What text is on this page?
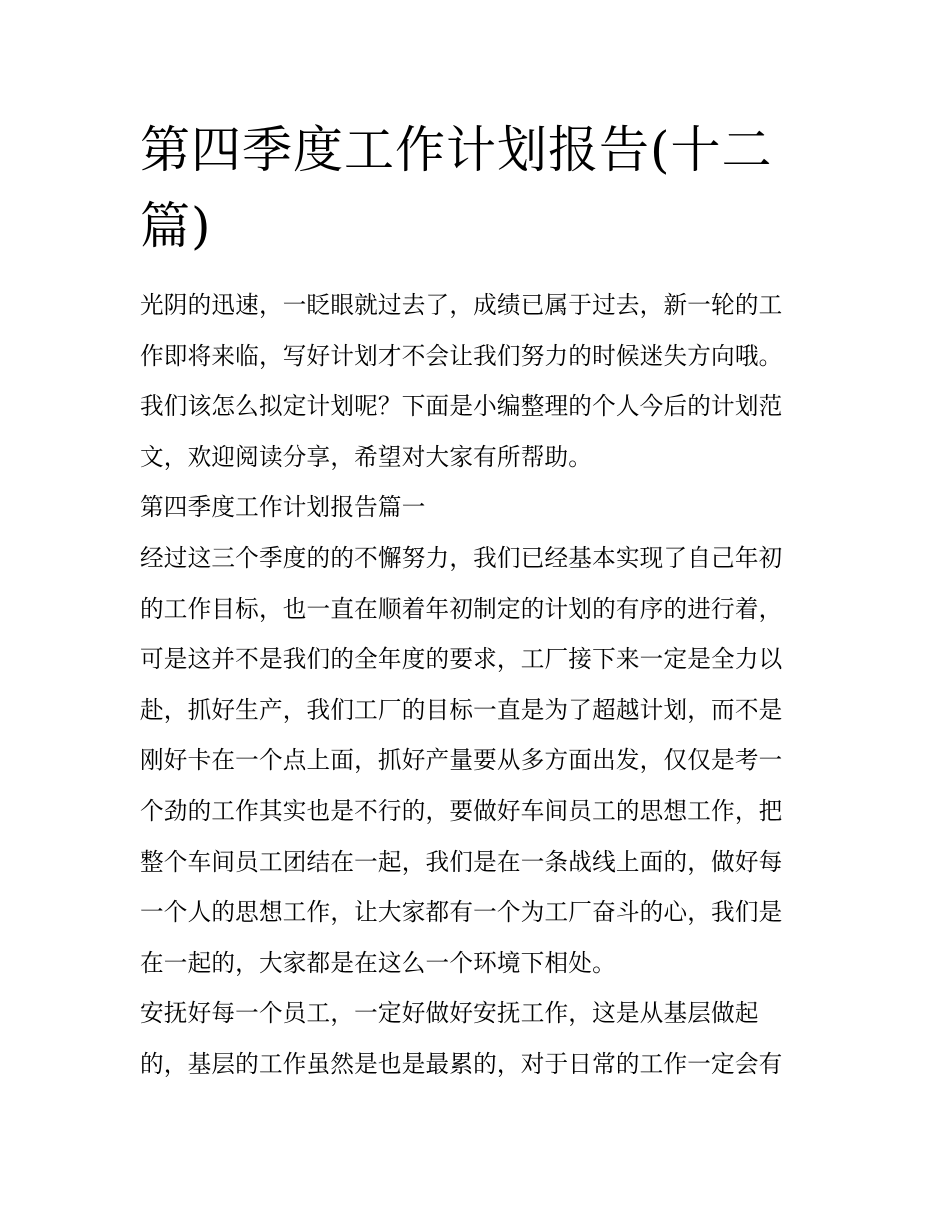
第四季度工作计划报告(十二
篇)
光阴的迅速，一眨眼就过去了，成绩已属于过去，新一轮的工
作即将来临，写好计划才不会让我们努力的时候迷失方向哦。
我们该怎么拟定计划呢？下面是小编整理的个人今后的计划范
文，欢迎阅读分享，希望对大家有所帮助。
第四季度工作计划报告篇一
经过这三个季度的的不懈努力，我们已经基本实现了自己年初
的工作目标，也一直在顺着年初制定的计划的有序的进行着，
可是这并不是我们的全年度的要求，工厂接下来一定是全力以
赴，抓好生产，我们工厂的目标一直是为了超越计划，而不是
刚好卡在一个点上面，抓好产量要从多方面出发，仅仅是考一
个劲的工作其实也是不行的，要做好车间员工的思想工作，把
整个车间员工团结在一起，我们是在一条战线上面的，做好每
一个人的思想工作，让大家都有一个为工厂奋斗的心，我们是
在一起的，大家都是在这么一个环境下相处。
安抚好每一个员工，一定好做好安抚工作，这是从基层做起
的，基层的工作虽然是也是最累的，对于日常的工作一定会有
